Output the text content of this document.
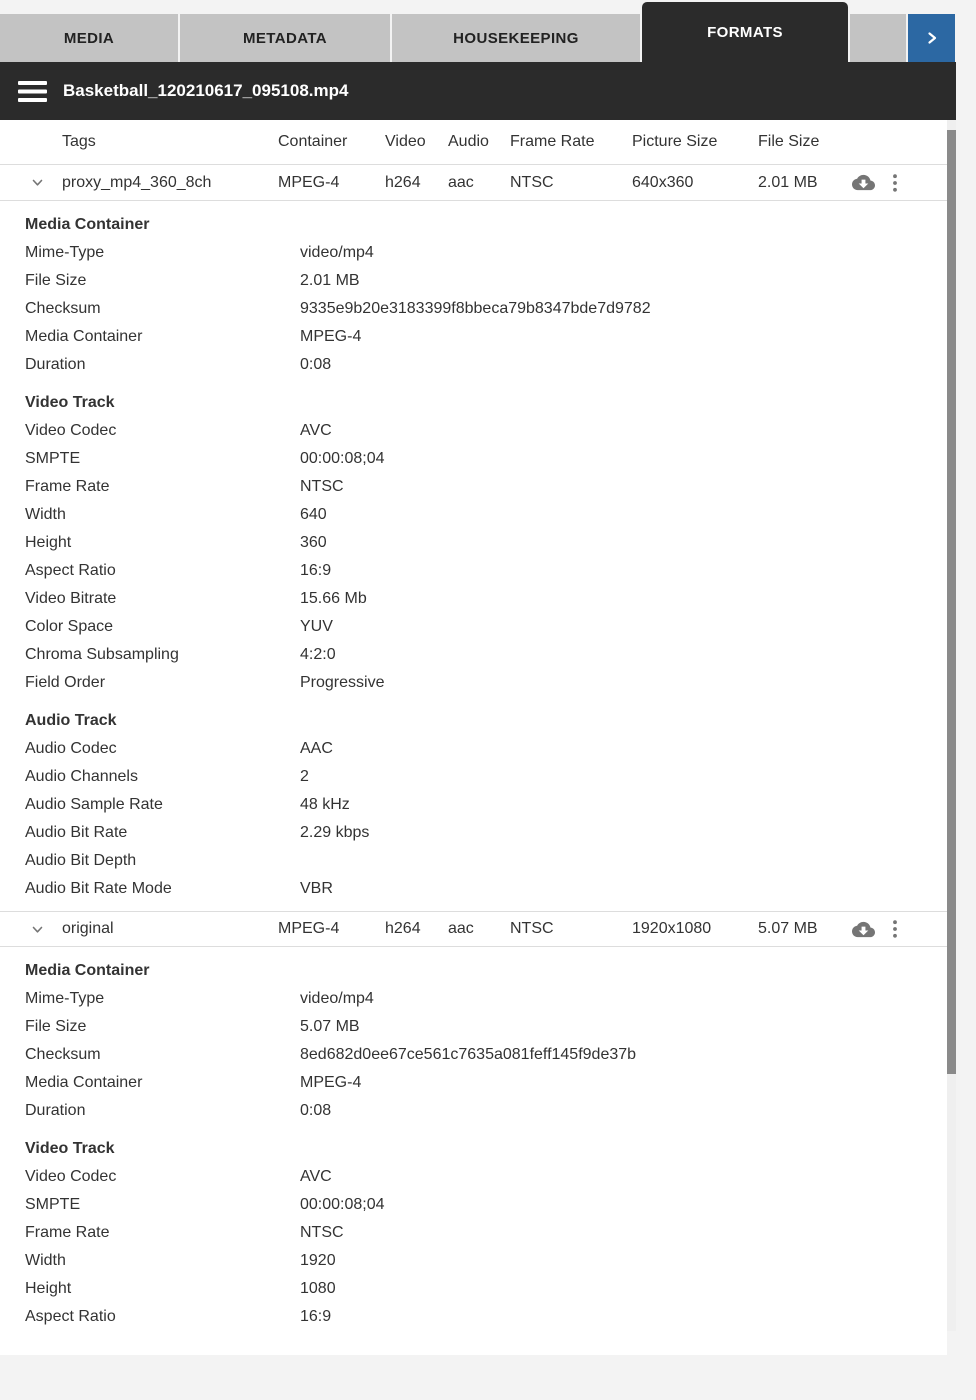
MEDIA	METADATA	HOUSEKEEPING	FORMATS
Basketball_120210617_095108.mp4
Tags	Container	Video	Audio	Frame Rate	Picture Size	File Size
proxy_mp4_360_8ch	MPEG-4	h264	aac	NTSC	640x360	2.01 MB
Media Container
Mime-Type	video/mp4
File Size	2.01 MB
Checksum	9335e9b20e3183399f8bbeca79b8347bde7d9782
Media Container	MPEG-4
Duration	0:08
Video Track
Video Codec	AVC
SMPTE	00:00:08;04
Frame Rate	NTSC
Width	640
Height	360
Aspect Ratio	16:9
Video Bitrate	15.66 Mb
Color Space	YUV
Chroma Subsampling	4:2:0
Field Order	Progressive
Audio Track
Audio Codec	AAC
Audio Channels	2
Audio Sample Rate	48 kHz
Audio Bit Rate	2.29 kbps
Audio Bit Depth
Audio Bit Rate Mode	VBR
original	MPEG-4	h264	aac	NTSC	1920x1080	5.07 MB
Media Container
Mime-Type	video/mp4
File Size	5.07 MB
Checksum	8ed682d0ee67ce561c7635a081feff145f9de37b
Media Container	MPEG-4
Duration	0:08
Video Track
Video Codec	AVC
SMPTE	00:00:08;04
Frame Rate	NTSC
Width	1920
Height	1080
Aspect Ratio	16:9
